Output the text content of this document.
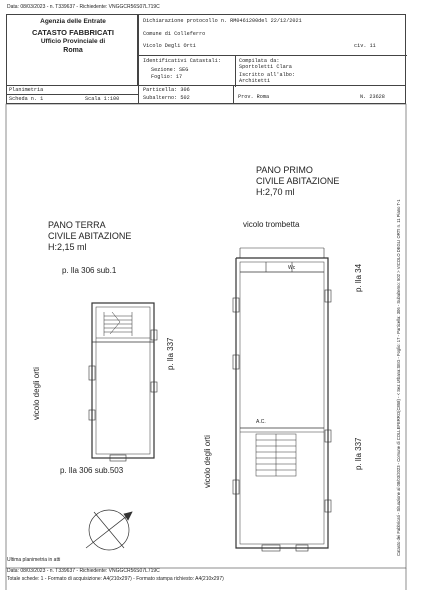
Data: 08/03/2023 - n. T339637 - Richiedente: VNGGCR56S07L719C
Agenzia delle Entrate
CATASTO FABBRICATI
Ufficio Provinciale di
Roma
Dichiarazione protocollo n. RM0461200del 22/12/2021
Comune di Colleferro
Vicolo Degli Orti	civ. 11
Identificativi Catastali:
Sezione: SEG
Foglio: 17
Compilata da:
Sportoletti Clara
Iscritto all'albo:
Architetti
Particella: 306
Subalterno: 502	Prov. Roma	N. 23628
Planimetria
Scheda n. 1	Scala 1:100
PANO TERRA
CIVILE ABITAZIONE
H:2,15 ml
p. lla 306 sub.1
p. lla 306 sub.503
vicolo degli orti
p. lla 337
PANO PRIMO
CIVILE ABITAZIONE
H:2,70 ml
vicolo trombetta
Wc
A.C.
vicolo degli orti
p. lla 34
p. lla 337	Catasto dei Fabbricati - Situazione al 08/03/2023 - Comune di COLLEFERRO(C858) - < Sez.Urbana:SEG - Foglio: 17 - Particella: 306 - Subalterno: 502 > VICOLO DEGLI ORTI n. 11 Piano T-1
Ultima planimetria in atti
Data: 08/03/2023 - n. T339637 - Richiedente: VNGGCR56S07L719C
Totale schede: 1 - Formato di acquisizione: A4(210x297) - Formato stampa richiesto: A4(210x297)
